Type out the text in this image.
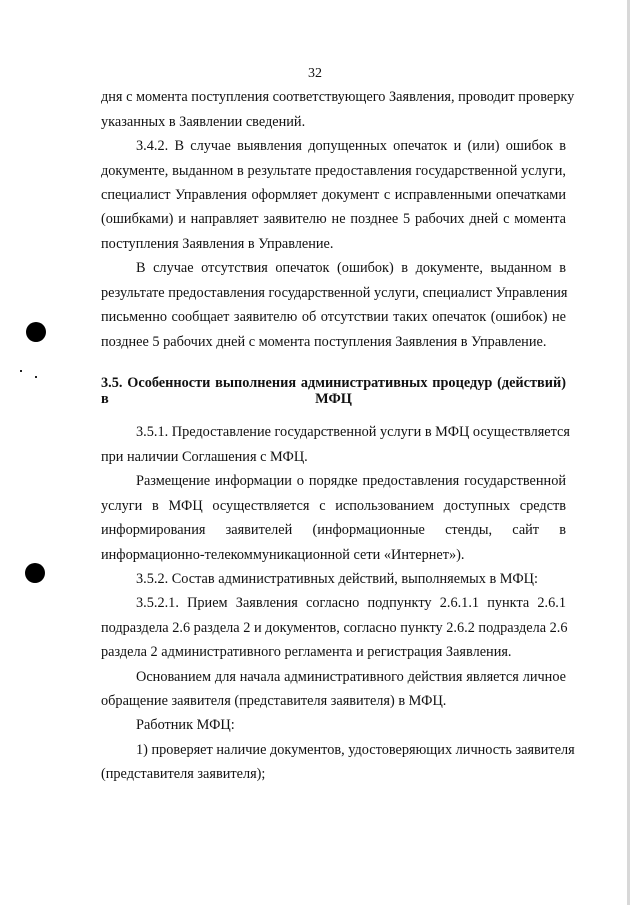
32
дня с момента поступления соответствующего Заявления, проводит проверку
указанных в Заявлении сведений.
3.4.2. В случае выявления допущенных опечаток и (или) ошибок в
документе, выданном в результате предоставления государственной услуги,
специалист Управления оформляет документ с исправленными опечатками
(ошибками) и направляет заявителю не позднее 5 рабочих дней с момента
поступления Заявления в Управление.
В случае отсутствия опечаток (ошибок) в документе, выданном в
результате предоставления государственной услуги, специалист Управления
письменно сообщает заявителю об отсутствии таких опечаток (ошибок) не
позднее 5 рабочих дней с момента поступления Заявления в Управление.
3.5. Особенности выполнения административных процедур (действий) в	МФЦ
3.5.1. Предоставление государственной услуги в МФЦ осуществляется
при наличии Соглашения с МФЦ.
Размещение информации о порядке предоставления государственной
услуги в МФЦ осуществляется с использованием доступных средств
информирования заявителей (информационные стенды, сайт в
информационно-телекоммуникационной сети «Интернет»).
3.5.2. Состав административных действий, выполняемых в МФЦ:
3.5.2.1. Прием Заявления согласно подпункту 2.6.1.1 пункта 2.6.1
подраздела 2.6 раздела 2 и документов, согласно пункту 2.6.2 подраздела 2.6
раздела 2 административного регламента и регистрация Заявления.
Основанием для начала административного действия является личное
обращение заявителя (представителя заявителя) в МФЦ.
Работник МФЦ:
1) проверяет наличие документов, удостоверяющих личность заявителя
(представителя заявителя);
